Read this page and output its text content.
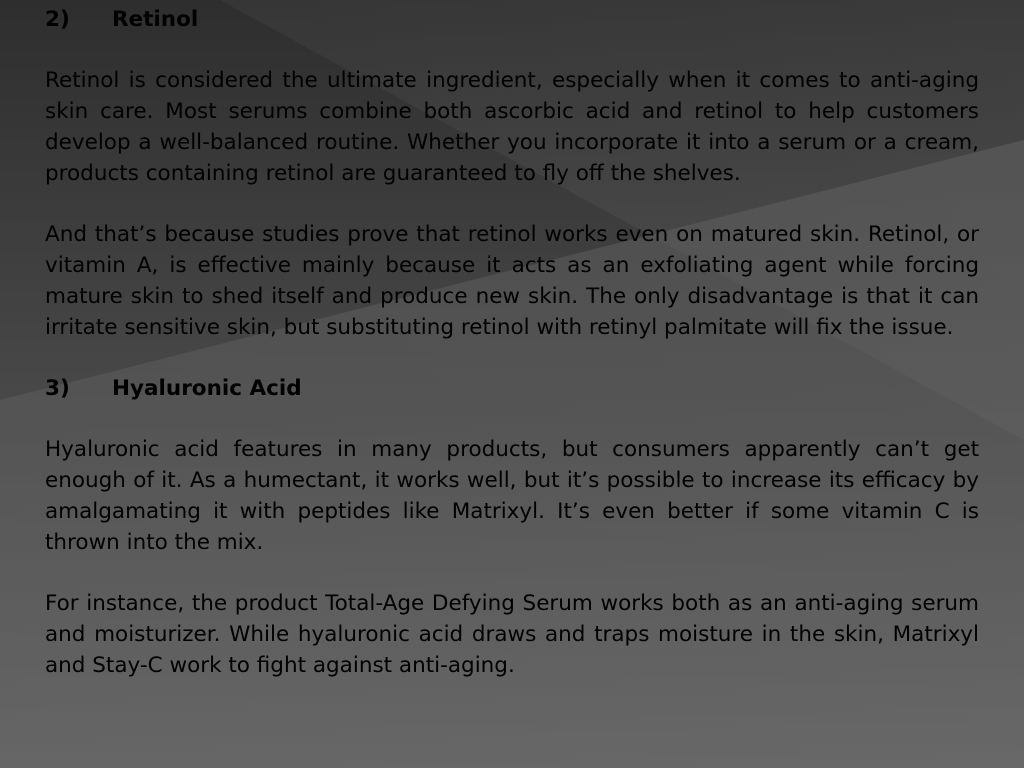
2)	Retinol

Retinol is considered the ultimate ingredient, especially when it comes to anti-aging skin care. Most serums combine both ascorbic acid and retinol to help customers develop a well-balanced routine. Whether you incorporate it into a serum or a cream, products containing retinol are guaranteed to fly off the shelves.

And that’s because studies prove that retinol works even on matured skin. Retinol, or vitamin A, is effective mainly because it acts as an exfoliating agent while forcing mature skin to shed itself and produce new skin. The only disadvantage is that it can irritate sensitive skin, but substituting retinol with retinyl palmitate will fix the issue.

3)	Hyaluronic Acid

Hyaluronic acid features in many products, but consumers apparently can’t get enough of it. As a humectant, it works well, but it’s possible to increase its efficacy by amalgamating it with peptides like Matrixyl. It’s even better if some vitamin C is thrown into the mix.

For instance, the product Total-Age Defying Serum works both as an anti-aging serum and moisturizer. While hyaluronic acid draws and traps moisture in the skin, Matrixyl and Stay-C work to fight against anti-aging.
